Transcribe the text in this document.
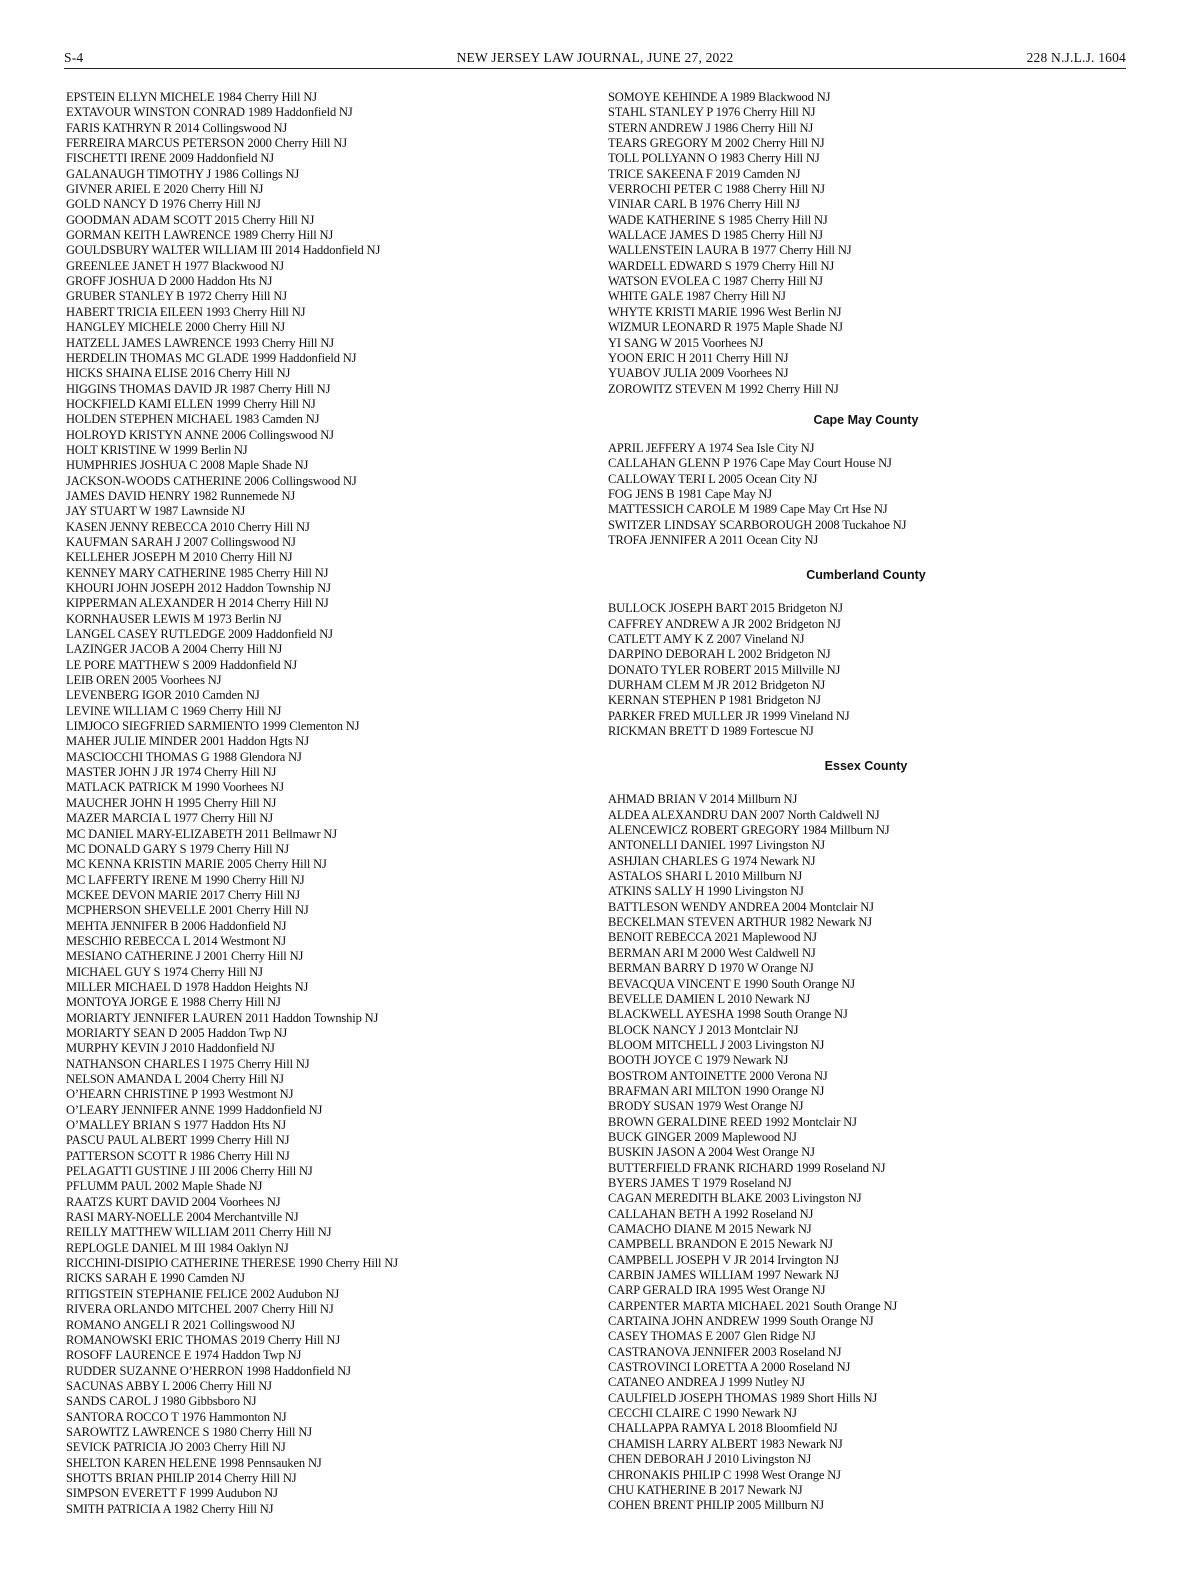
S-4	NEW JERSEY LAW JOURNAL, JUNE 27, 2022	228 N.J.L.J. 1604
EPSTEIN ELLYN MICHELE 1984 Cherry Hill NJ
EXTAVOUR WINSTON CONRAD 1989 Haddonfield NJ
FARIS KATHRYN R 2014 Collingswood NJ
FERREIRA MARCUS PETERSON 2000 Cherry Hill NJ
FISCHETTI IRENE 2009 Haddonfield NJ
GALANAUGH TIMOTHY J 1986 Collings NJ
GIVNER ARIEL E 2020 Cherry Hill NJ
GOLD NANCY D 1976 Cherry Hill NJ
GOODMAN ADAM SCOTT 2015 Cherry Hill NJ
GORMAN KEITH LAWRENCE 1989 Cherry Hill NJ
GOULDSBURY WALTER WILLIAM III 2014 Haddonfield NJ
GREENLEE JANET H 1977 Blackwood NJ
GROFF JOSHUA D 2000 Haddon Hts NJ
GRUBER STANLEY B 1972 Cherry Hill NJ
HABERT TRICIA EILEEN 1993 Cherry Hill NJ
HANGLEY MICHELE 2000 Cherry Hill NJ
HATZELL JAMES LAWRENCE 1993 Cherry Hill NJ
HERDELIN THOMAS MC GLADE 1999 Haddonfield NJ
HICKS SHAINA ELISE 2016 Cherry Hill NJ
HIGGINS THOMAS DAVID JR 1987 Cherry Hill NJ
HOCKFIELD KAMI ELLEN 1999 Cherry Hill NJ
HOLDEN STEPHEN MICHAEL 1983 Camden NJ
HOLROYD KRISTYN ANNE 2006 Collingswood NJ
HOLT KRISTINE W 1999 Berlin NJ
HUMPHRIES JOSHUA C 2008 Maple Shade NJ
JACKSON-WOODS CATHERINE 2006 Collingswood NJ
JAMES DAVID HENRY 1982 Runnemede NJ
JAY STUART W 1987 Lawnside NJ
KASEN JENNY REBECCA 2010 Cherry Hill NJ
KAUFMAN SARAH J 2007 Collingswood NJ
KELLEHER JOSEPH M 2010 Cherry Hill NJ
KENNEY MARY CATHERINE 1985 Cherry Hill NJ
KHOURI JOHN JOSEPH 2012 Haddon Township NJ
KIPPERMAN ALEXANDER H 2014 Cherry Hill NJ
KORNHAUSER LEWIS M 1973 Berlin NJ
LANGEL CASEY RUTLEDGE 2009 Haddonfield NJ
LAZINGER JACOB A 2004 Cherry Hill NJ
LE PORE MATTHEW S 2009 Haddonfield NJ
LEIB OREN 2005 Voorhees NJ
LEVENBERG IGOR 2010 Camden NJ
LEVINE WILLIAM C 1969 Cherry Hill NJ
LIMJOCO SIEGFRIED SARMIENTO 1999 Clementon NJ
MAHER JULIE MINDER 2001 Haddon Hgts NJ
MASCIOCCHI THOMAS G 1988 Glendora NJ
MASTER JOHN J JR 1974 Cherry Hill NJ
MATLACK PATRICK M 1990 Voorhees NJ
MAUCHER JOHN H 1995 Cherry Hill NJ
MAZER MARCIA L 1977 Cherry Hill NJ
MC DANIEL MARY-ELIZABETH 2011 Bellmawr NJ
MC DONALD GARY S 1979 Cherry Hill NJ
MC KENNA KRISTIN MARIE 2005 Cherry Hill NJ
MC LAFFERTY IRENE M 1990 Cherry Hill NJ
MCKEE DEVON MARIE 2017 Cherry Hill NJ
MCPHERSON SHEVELLE 2001 Cherry Hill NJ
MEHTA JENNIFER B 2006 Haddonfield NJ
MESCHIO REBECCA L 2014 Westmont NJ
MESIANO CATHERINE J 2001 Cherry Hill NJ
MICHAEL GUY S 1974 Cherry Hill NJ
MILLER MICHAEL D 1978 Haddon Heights NJ
MONTOYA JORGE E 1988 Cherry Hill NJ
MORIARTY JENNIFER LAUREN 2011 Haddon Township NJ
MORIARTY SEAN D 2005 Haddon Twp NJ
MURPHY KEVIN J 2010 Haddonfield NJ
NATHANSON CHARLES I 1975 Cherry Hill NJ
NELSON AMANDA L 2004 Cherry Hill NJ
O’HEARN CHRISTINE P 1993 Westmont NJ
O’LEARY JENNIFER ANNE 1999 Haddonfield NJ
O’MALLEY BRIAN S 1977 Haddon Hts NJ
PASCU PAUL ALBERT 1999 Cherry Hill NJ
PATTERSON SCOTT R 1986 Cherry Hill NJ
PELAGATTI GUSTINE J III 2006 Cherry Hill NJ
PFLUMM PAUL 2002 Maple Shade NJ
RAATZS KURT DAVID 2004 Voorhees NJ
RASI MARY-NOELLE 2004 Merchantville NJ
REILLY MATTHEW WILLIAM 2011 Cherry Hill NJ
REPLOGLE DANIEL M III 1984 Oaklyn NJ
RICCHINI-DISIPIO CATHERINE THERESE 1990 Cherry Hill NJ
RICKS SARAH E 1990 Camden NJ
RITIGSTEIN STEPHANIE FELICE 2002 Audubon NJ
RIVERA ORLANDO MITCHEL 2007 Cherry Hill NJ
ROMANO ANGELI R 2021 Collingswood NJ
ROMANOWSKI ERIC THOMAS 2019 Cherry Hill NJ
ROSOFF LAURENCE E 1974 Haddon Twp NJ
RUDDER SUZANNE O’HERRON 1998 Haddonfield NJ
SACUNAS ABBY L 2006 Cherry Hill NJ
SANDS CAROL J 1980 Gibbsboro NJ
SANTORA ROCCO T 1976 Hammonton NJ
SAROWITZ LAWRENCE S 1980 Cherry Hill NJ
SEVICK PATRICIA JO 2003 Cherry Hill NJ
SHELTON KAREN HELENE 1998 Pennsauken NJ
SHOTTS BRIAN PHILIP 2014 Cherry Hill NJ
SIMPSON EVERETT F 1999 Audubon NJ
SMITH PATRICIA A 1982 Cherry Hill NJ
SOMOYE KEHINDE A 1989 Blackwood NJ
STAHL STANLEY P 1976 Cherry Hill NJ
STERN ANDREW J 1986 Cherry Hill NJ
TEARS GREGORY M 2002 Cherry Hill NJ
TOLL POLLYANN O 1983 Cherry Hill NJ
TRICE SAKEENA F 2019 Camden NJ
VERROCHI PETER C 1988 Cherry Hill NJ
VINIAR CARL B 1976 Cherry Hill NJ
WADE KATHERINE S 1985 Cherry Hill NJ
WALLACE JAMES D 1985 Cherry Hill NJ
WALLENSTEIN LAURA B 1977 Cherry Hill NJ
WARDELL EDWARD S 1979 Cherry Hill NJ
WATSON EVOLEA C 1987 Cherry Hill NJ
WHITE GALE 1987 Cherry Hill NJ
WHYTE KRISTI MARIE 1996 West Berlin NJ
WIZMUR LEONARD R 1975 Maple Shade NJ
YI SANG W 2015 Voorhees NJ
YOON ERIC H 2011 Cherry Hill NJ
YUABOV JULIA 2009 Voorhees NJ
ZOROWITZ STEVEN M 1992 Cherry Hill NJ
Cape May County
APRIL JEFFERY A 1974 Sea Isle City NJ
CALLAHAN GLENN P 1976 Cape May Court House NJ
CALLOWAY TERI L 2005 Ocean City NJ
FOG JENS B 1981 Cape May NJ
MATTESSICH CAROLE M 1989 Cape May Crt Hse NJ
SWITZER LINDSAY SCARBOROUGH 2008 Tuckahoe NJ
TROFA JENNIFER A 2011 Ocean City NJ
Cumberland County
BULLOCK JOSEPH BART 2015 Bridgeton NJ
CAFFREY ANDREW A JR 2002 Bridgeton NJ
CATLETT AMY K Z 2007 Vineland NJ
DARPINO DEBORAH L 2002 Bridgeton NJ
DONATO TYLER ROBERT 2015 Millville NJ
DURHAM CLEM M JR 2012 Bridgeton NJ
KERNAN STEPHEN P 1981 Bridgeton NJ
PARKER FRED MULLER JR 1999 Vineland NJ
RICKMAN BRETT D 1989 Fortescue NJ
Essex County
AHMAD BRIAN V 2014 Millburn NJ
ALDEA ALEXANDRU DAN 2007 North Caldwell NJ
ALENCEWICZ ROBERT GREGORY 1984 Millburn NJ
ANTONELLI DANIEL 1997 Livingston NJ
ASHJIAN CHARLES G 1974 Newark NJ
ASTALOS SHARI L 2010 Millburn NJ
ATKINS SALLY H 1990 Livingston NJ
BATTLESON WENDY ANDREA 2004 Montclair NJ
BECKELMAN STEVEN ARTHUR 1982 Newark NJ
BENOIT REBECCA 2021 Maplewood NJ
BERMAN ARI M 2000 West Caldwell NJ
BERMAN BARRY D 1970 W Orange NJ
BEVACQUA VINCENT E 1990 South Orange NJ
BEVELLE DAMIEN L 2010 Newark NJ
BLACKWELL AYESHA 1998 South Orange NJ
BLOCK NANCY J 2013 Montclair NJ
BLOOM MITCHELL J 2003 Livingston NJ
BOOTH JOYCE C 1979 Newark NJ
BOSTROM ANTOINETTE 2000 Verona NJ
BRAFMAN ARI MILTON 1990 Orange NJ
BRODY SUSAN 1979 West Orange NJ
BROWN GERALDINE REED 1992 Montclair NJ
BUCK GINGER 2009 Maplewood NJ
BUSKIN JASON A 2004 West Orange NJ
BUTTERFIELD FRANK RICHARD 1999 Roseland NJ
BYERS JAMES T 1979 Roseland NJ
CAGAN MEREDITH BLAKE 2003 Livingston NJ
CALLAHAN BETH A 1992 Roseland NJ
CAMACHO DIANE M 2015 Newark NJ
CAMPBELL BRANDON E 2015 Newark NJ
CAMPBELL JOSEPH V JR 2014 Irvington NJ
CARBIN JAMES WILLIAM 1997 Newark NJ
CARP GERALD IRA 1995 West Orange NJ
CARPENTER MARTA MICHAEL 2021 South Orange NJ
CARTAINA JOHN ANDREW 1999 South Orange NJ
CASEY THOMAS E 2007 Glen Ridge NJ
CASTRANOVA JENNIFER 2003 Roseland NJ
CASTROVINCI LORETTA A 2000 Roseland NJ
CATANEO ANDREA J 1999 Nutley NJ
CAULFIELD JOSEPH THOMAS 1989 Short Hills NJ
CECCHI CLAIRE C 1990 Newark NJ
CHALLAPPA RAMYA L 2018 Bloomfield NJ
CHAMISH LARRY ALBERT 1983 Newark NJ
CHEN DEBORAH J 2010 Livingston NJ
CHRONAKIS PHILIP C 1998 West Orange NJ
CHU KATHERINE B 2017 Newark NJ
COHEN BRENT PHILIP 2005 Millburn NJ
